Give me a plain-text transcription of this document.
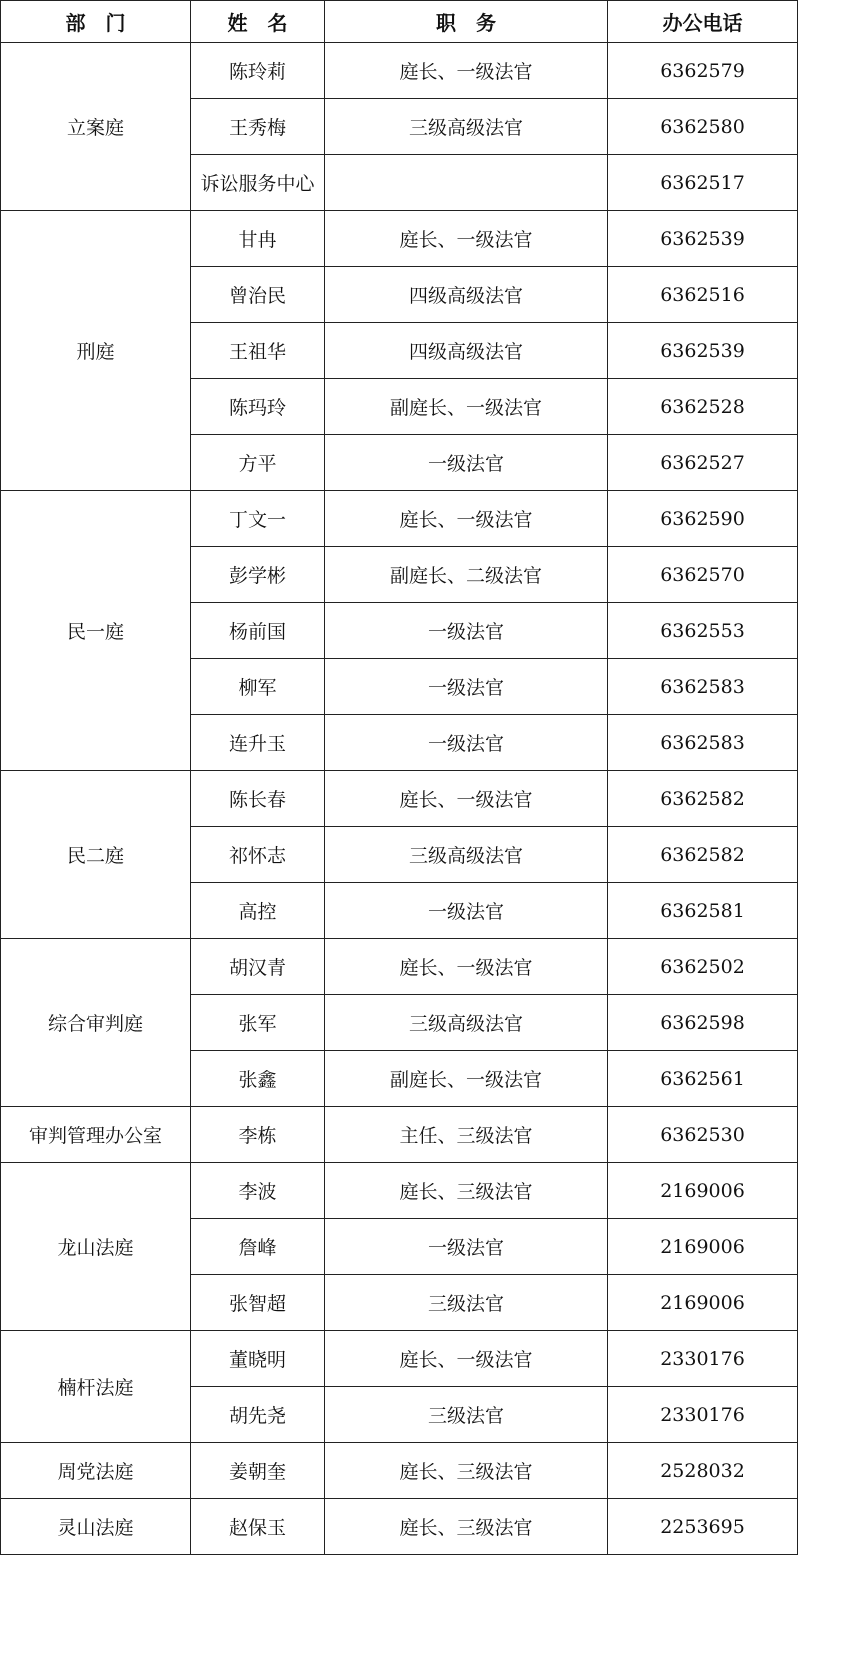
部　门	姓　名	职　务	办公电话
立案庭	陈玲莉	庭长、一级法官	6362579
	王秀梅	三级高级法官	6362580
	诉讼服务中心		6362517
刑庭	甘冉	庭长、一级法官	6362539
	曾治民	四级高级法官	6362516
	王祖华	四级高级法官	6362539
	陈玛玲	副庭长、一级法官	6362528
	方平	一级法官	6362527
民一庭	丁文一	庭长、一级法官	6362590
	彭学彬	副庭长、二级法官	6362570
	杨前国	一级法官	6362553
	柳军	一级法官	6362583
	连升玉	一级法官	6362583
民二庭	陈长春	庭长、一级法官	6362582
	祁怀志	三级高级法官	6362582
	高控	一级法官	6362581
综合审判庭	胡汉青	庭长、一级法官	6362502
	张军	三级高级法官	6362598
	张鑫	副庭长、一级法官	6362561
审判管理办公室	李栋	主任、三级法官	6362530
龙山法庭	李波	庭长、三级法官	2169006
	詹峰	一级法官	2169006
	张智超	三级法官	2169006
楠杆法庭	董晓明	庭长、一级法官	2330176
	胡先尧	三级法官	2330176
周党法庭	姜朝奎	庭长、三级法官	2528032
灵山法庭	赵保玉	庭长、三级法官	2253695
